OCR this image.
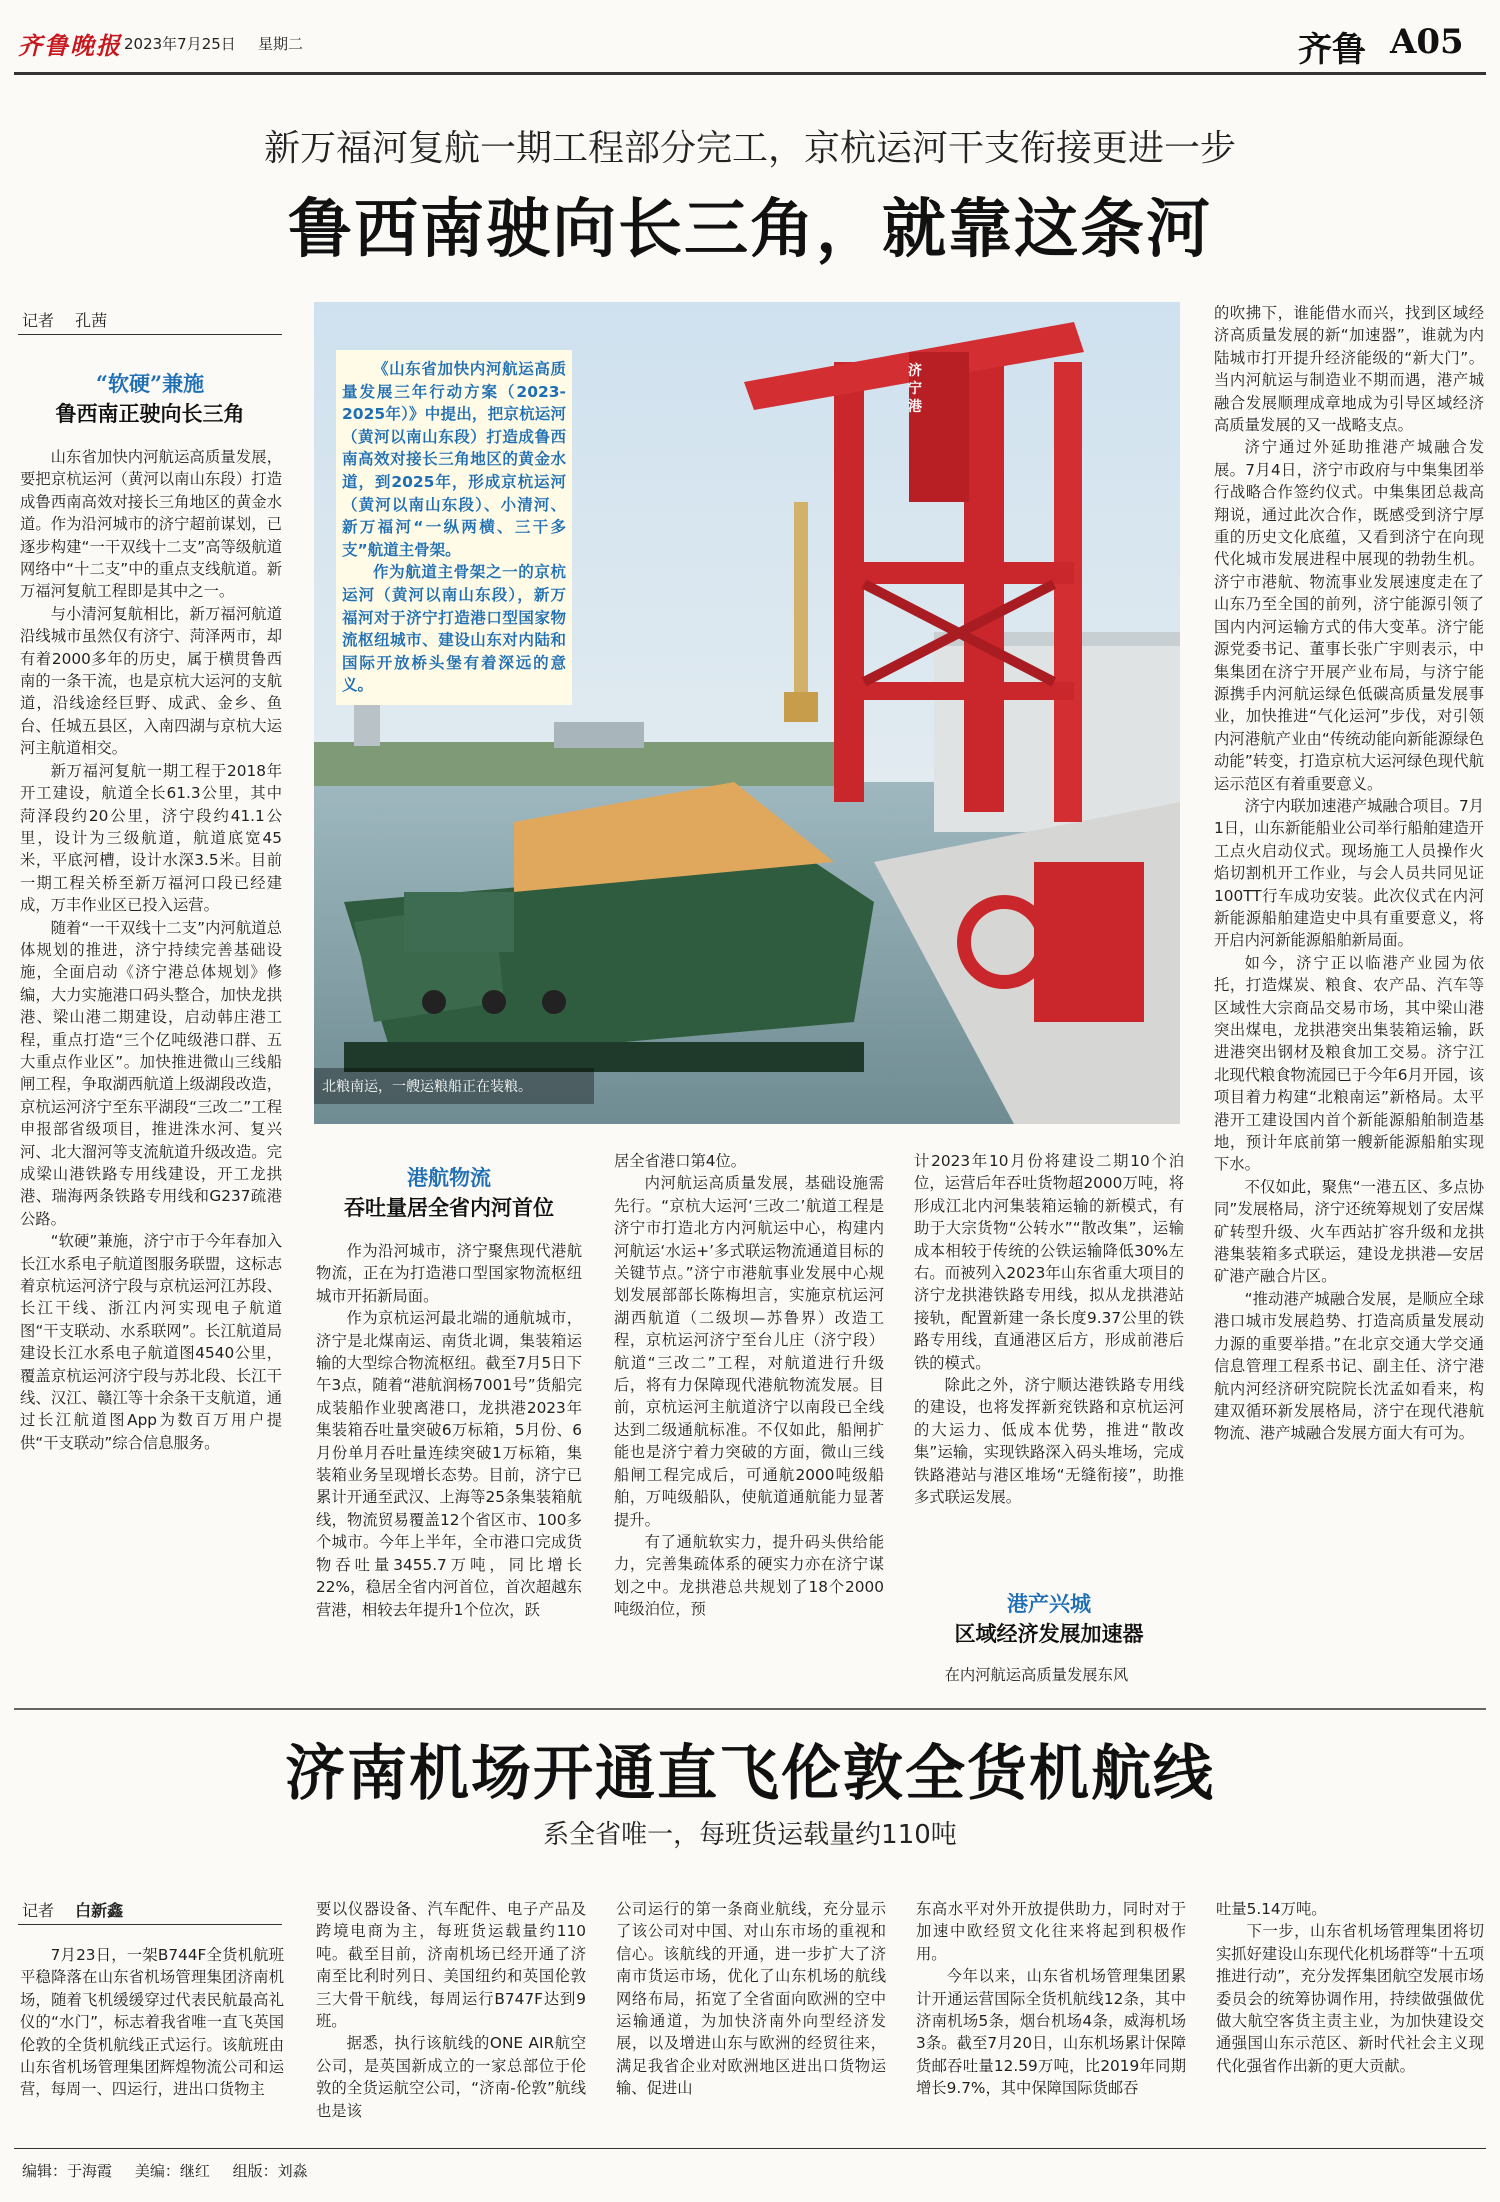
齐鲁晚报 2023年7月25日 星期二	齐鲁 A05
新万福河复航一期工程部分完工，京杭运河干支衔接更进一步
鲁西南驶向长三角，就靠这条河
记者 孔茜
“软硬”兼施
鲁西南正驶向长三角

山东省加快内河航运高质量发展，要把京杭运河（黄河以南山东段）打造成鲁西南高效对接长三角地区的黄金水道。作为沿河城市的济宁超前谋划，已逐步构建“一干双线十二支”高等级航道网络中“十二支”中的重点支线航道。新万福河复航工程即是其中之一。

与小清河复航相比，新万福河航道沿线城市虽然仅有济宁、菏泽两市，却有着2000多年的历史，属于横贯鲁西南的一条干流，也是京杭大运河的支航道，沿线途经巨野、成武、金乡、鱼台、任城五县区，入南四湖与京杭大运河主航道相交。

新万福河复航一期工程于2018年开工建设，航道全长61.3公里，其中菏泽段约20公里，济宁段约41.1公里，设计为三级航道，航道底宽45米，平底河槽，设计水深3.5米。目前一期工程关桥至新万福河口段已经建成，万丰作业区已投入运营。

随着“一干双线十二支”内河航道总体规划的推进，济宁持续完善基础设施，全面启动《济宁港总体规划》修编，大力实施港口码头整合，加快龙拱港、梁山港二期建设，启动韩庄港工程，重点打造“三个亿吨级港口群、五大重点作业区”。加快推进微山三线船闸工程，争取湖西航道上级湖段改造，京杭运河济宁至东平湖段“三改二”工程申报部省级项目，推进洙水河、复兴河、北大溜河等支流航道升级改造。完成梁山港铁路专用线建设，开工龙拱港、瑞海两条铁路专用线和G237疏港公路。

“软硬”兼施，济宁市于今年春加入长江水系电子航道图服务联盟，这标志着京杭运河济宁段与京杭运河江苏段、长江干线、浙江内河实现电子航道图“干支联动、水系联网”。长江航道局建设长江水系电子航道图4540公里，覆盖京杭运河济宁段与苏北段、长江干线、汉江、赣江等十余条干支航道，通过长江航道图App为数百万用户提供“干支联动”综合信息服务。

济宁港

《山东省加快内河航运高质量发展三年行动方案（2023-2025年）》中提出，把京杭运河（黄河以南山东段）打造成鲁西南高效对接长三角地区的黄金水道，到2025年，形成京杭运河（黄河以南山东段）、小清河、新万福河“一纵两横、三干多支”航道主骨架。

作为航道主骨架之一的京杭运河（黄河以南山东段），新万福河对于济宁打造港口型国家物流枢纽城市、建设山东对内陆和国际开放桥头堡有着深远的意义。

北粮南运，一艘运粮船正在装粮。
港航物流
吞吐量居全省内河首位

作为沿河城市，济宁聚焦现代港航物流，正在为打造港口型国家物流枢纽城市开拓新局面。

作为京杭运河最北端的通航城市，济宁是北煤南运、南货北调，集装箱运输的大型综合物流枢纽。截至7月5日下午3点，随着“港航润杨7001号”货船完成装船作业驶离港口，龙拱港2023年集装箱吞吐量突破6万标箱，5月份、6月份单月吞吐量连续突破1万标箱，集装箱业务呈现增长态势。目前，济宁已累计开通至武汉、上海等25条集装箱航线，物流贸易覆盖12个省区市、100多个城市。今年上半年，全市港口完成货物吞吐量3455.7万吨，同比增长22%，稳居全省内河首位，首次超越东营港，相较去年提升1个位次，跃

居全省港口第4位。

内河航运高质量发展，基础设施需先行。“京杭大运河‘三改二’航道工程是济宁市打造北方内河航运中心，构建内河航运‘水运+’多式联运物流通道目标的关键节点。”济宁市港航事业发展中心规划发展部部长陈梅坦言，实施京杭运河湖西航道（二级坝—苏鲁界）改造工程，京杭运河济宁至台儿庄（济宁段）航道“三改二”工程，对航道进行升级后，将有力保障现代港航物流发展。目前，京杭运河主航道济宁以南段已全线达到二级通航标准。不仅如此，船闸扩能也是济宁着力突破的方面，微山三线船闸工程完成后，可通航2000吨级船舶，万吨级船队，使航道通航能力显著提升。

有了通航软实力，提升码头供给能力，完善集疏体系的硬实力亦在济宁谋划之中。龙拱港总共规划了18个2000吨级泊位，预

计2023年10月份将建设二期10个泊位，运营后年吞吐货物超2000万吨，将形成江北内河集装箱运输的新模式，有助于大宗货物“公转水”“散改集”，运输成本相较于传统的公铁运输降低30%左右。而被列入2023年山东省重大项目的济宁龙拱港铁路专用线，拟从龙拱港站接轨，配置新建一条长度9.37公里的铁路专用线，直通港区后方，形成前港后铁的模式。

除此之外，济宁顺达港铁路专用线的建设，也将发挥新兖铁路和京杭运河的大运力、低成本优势，推进“散改集”运输，实现铁路深入码头堆场，完成铁路港站与港区堆场“无缝衔接”，助推多式联运发展。

港产兴城
区域经济发展加速器

在内河航运高质量发展东风

的吹拂下，谁能借水而兴，找到区域经济高质量发展的新“加速器”，谁就为内陆城市打开提升经济能级的“新大门”。当内河航运与制造业不期而遇，港产城融合发展顺理成章地成为引导区域经济高质量发展的又一战略支点。

济宁通过外延助推港产城融合发展。7月4日，济宁市政府与中集集团举行战略合作签约仪式。中集集团总裁高翔说，通过此次合作，既感受到济宁厚重的历史文化底蕴，又看到济宁在向现代化城市发展进程中展现的勃勃生机。济宁市港航、物流事业发展速度走在了山东乃至全国的前列，济宁能源引领了国内内河运输方式的伟大变革。济宁能源党委书记、董事长张广宇则表示，中集集团在济宁开展产业布局，与济宁能源携手内河航运绿色低碳高质量发展事业，加快推进“气化运河”步伐，对引领内河港航产业由“传统动能向新能源绿色动能”转变，打造京杭大运河绿色现代航运示范区有着重要意义。

济宁内联加速港产城融合项目。7月1日，山东新能船业公司举行船舶建造开工点火启动仪式。现场施工人员操作火焰切割机开工作业，与会人员共同见证100TT行车成功安装。此次仪式在内河新能源船舶建造史中具有重要意义，将开启内河新能源船舶新局面。

如今，济宁正以临港产业园为依托，打造煤炭、粮食、农产品、汽车等区域性大宗商品交易市场，其中梁山港突出煤电，龙拱港突出集装箱运输，跃进港突出钢材及粮食加工交易。济宁江北现代粮食物流园已于今年6月开园，该项目着力构建“北粮南运”新格局。太平港开工建设国内首个新能源船舶制造基地，预计年底前第一艘新能源船舶实现下水。

不仅如此，聚焦“一港五区、多点协同”发展格局，济宁还统筹规划了安居煤矿转型升级、火车西站扩容升级和龙拱港集装箱多式联运，建设龙拱港—安居矿港产融合片区。

“推动港产城融合发展，是顺应全球港口城市发展趋势、打造高质量发展动力源的重要举措。”在北京交通大学交通信息管理工程系书记、副主任、济宁港航内河经济研究院院长沈孟如看来，构建双循环新发展格局，济宁在现代港航物流、港产城融合发展方面大有可为。

济南机场开通直飞伦敦全货机航线
系全省唯一，每班货运载量约110吨
记者 白新鑫

7月23日，一架B744F全货机航班平稳降落在山东省机场管理集团济南机场，随着飞机缓缓穿过代表民航最高礼仪的“水门”，标志着我省唯一直飞英国伦敦的全货机航线正式运行。该航班由山东省机场管理集团辉煌物流公司和运营，每周一、四运行，进出口货物主

要以仪器设备、汽车配件、电子产品及跨境电商为主，每班货运载量约110吨。截至目前，济南机场已经开通了济南至比利时列日、美国纽约和英国伦敦三大骨干航线，每周运行B747F达到9班。

据悉，执行该航线的ONE AIR航空公司，是英国新成立的一家总部位于伦敦的全货运航空公司，“济南-伦敦”航线也是该

公司运行的第一条商业航线，充分显示了该公司对中国、对山东市场的重视和信心。该航线的开通，进一步扩大了济南市货运市场，优化了山东机场的航线网络布局，拓宽了全省面向欧洲的空中运输通道，为加快济南外向型经济发展，以及增进山东与欧洲的经贸往来，满足我省企业对欧洲地区进出口货物运输、促进山

东高水平对外开放提供助力，同时对于加速中欧经贸文化往来将起到积极作用。

今年以来，山东省机场管理集团累计开通运营国际全货机航线12条，其中济南机场5条，烟台机场4条，威海机场3条。截至7月20日，山东机场累计保障货邮吞吐量12.59万吨，比2019年同期增长9.7%，其中保障国际货邮吞

吐量5.14万吨。

下一步，山东省机场管理集团将切实抓好建设山东现代化机场群等“十五项推进行动”，充分发挥集团航空发展市场委员会的统筹协调作用，持续做强做优做大航空客货主责主业，为加快建设交通强国山东示范区、新时代社会主义现代化强省作出新的更大贡献。

编辑：于海霞 美编：继红 组版：刘淼
